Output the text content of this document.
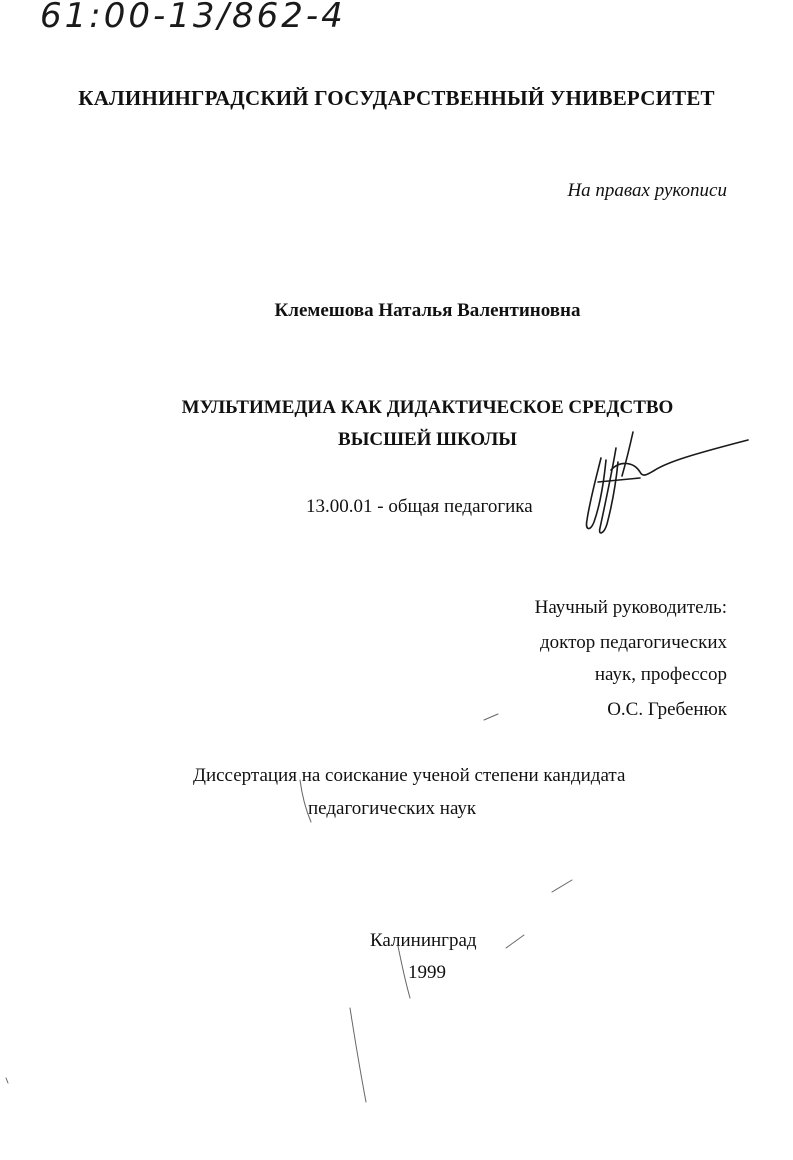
61:00-13/862-4
КАЛИНИНГРАДСКИЙ ГОСУДАРСТВЕННЫЙ УНИВЕРСИТЕТ
На правах рукописи
Клемешова Наталья Валентиновна
МУЛЬТИМЕДИА КАК ДИДАКТИЧЕСКОЕ СРЕДСТВО
ВЫСШЕЙ ШКОЛЫ
13.00.01 - общая педагогика
Научный руководитель:
доктор педагогических
наук, профессор
О.С. Гребенюк
Диссертация на соискание ученой степени кандидата
педагогических наук
Калининград
1999
